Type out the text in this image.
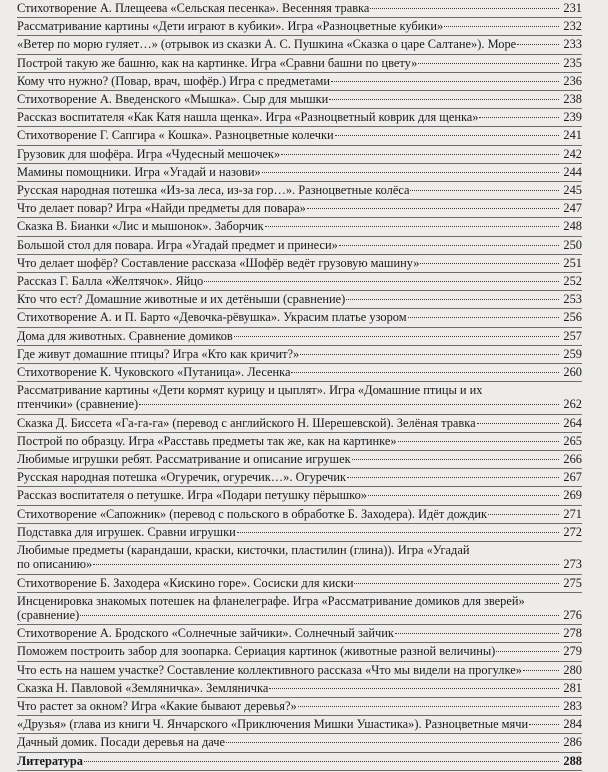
Стихотворение А. Плещеева «Сельская песенка». Весенняя травка	231
Рассматривание картины «Дети играют в кубики». Игра «Разноцветные кубики»	232
«Ветер по морю гуляет…» (отрывок из сказки А. С. Пушкина «Сказка о царе Салтане»). Море	233
Построй такую же башню, как на картинке. Игра «Сравни башни по цвету»	235
Кому что нужно? (Повар, врач, шофёр.) Игра с предметами	236
Стихотворение А. Введенского «Мышка». Сыр для мышки	238
Рассказ воспитателя «Как Катя нашла щенка». Игра «Разноцветный коврик для щенка»	239
Стихотворение Г. Сапгира « Кошка». Разноцветные колечки	241
Грузовик для шофёра. Игра «Чудесный мешочек»	242
Мамины помощники. Игра «Угадай и назови»	244
Русская народная потешка «Из-за леса, из-за гор…». Разноцветные колёса	245
Что делает повар? Игра «Найди предметы для повара»	247
Сказка В. Бианки «Лис и мышонок». Заборчик	248
Большой стол для повара. Игра «Угадай предмет и принеси»	250
Что делает шофёр? Составление рассказа «Шофёр ведёт грузовую машину»	251
Рассказ Г. Балла «Желтячок». Яйцо	252
Кто что ест? Домашние животные и их детёныши (сравнение)	253
Стихотворение А. и П. Барто «Девочка-рёвушка». Украсим платье узором	256
Дома для животных. Сравнение домиков	257
Где живут домашние птицы? Игра «Кто как кричит?»	259
Стихотворение К. Чуковского «Путаница». Лесенка	260
Рассматривание картины «Дети кормят курицу и цыплят». Игра «Домашние птицы и их
птенчики» (сравнение)	262
Сказка Д. Биссета «Га-га-га» (перевод с английского Н. Шерешевской). Зелёная травка	264
Построй по образцу. Игра «Расставь предметы так же, как на картинке»	265
Любимые игрушки ребят. Рассматривание и описание игрушек	266
Русская народная потешка «Огуречик, огуречик…». Огуречик	267
Рассказ воспитателя о петушке. Игра «Подари петушку пёрышко»	269
Стихотворение «Сапожник» (перевод с польского в обработке Б. Заходера). Идёт дождик	271
Подставка для игрушек. Сравни игрушки	272
Любимые предметы (карандаши, краски, кисточки, пластилин (глина)). Игра «Угадай
по описанию»	273
Стихотворение Б. Заходера «Кискино горе». Сосиски для киски	275
Инсценировка знакомых потешек на фланелеграфе. Игра «Рассматривание домиков для зверей»
(сравнение)	276
Стихотворение А. Бродского «Солнечные зайчики». Солнечный зайчик	278
Поможем построить забор для зоопарка. Сериация картинок (животные разной величины)	279
Что есть на нашем участке? Составление коллективного рассказа «Что мы видели на прогулке»	280
Сказка Н. Павловой «Земляничка». Земляничка	281
Что растет за окном? Игра «Какие бывают деревья?»	283
«Друзья» (глава из книги Ч. Янчарского «Приключения Мишки Ушастика»). Разноцветные мячи	284
Дачный домик. Посади деревья на даче	286
Литература	288
